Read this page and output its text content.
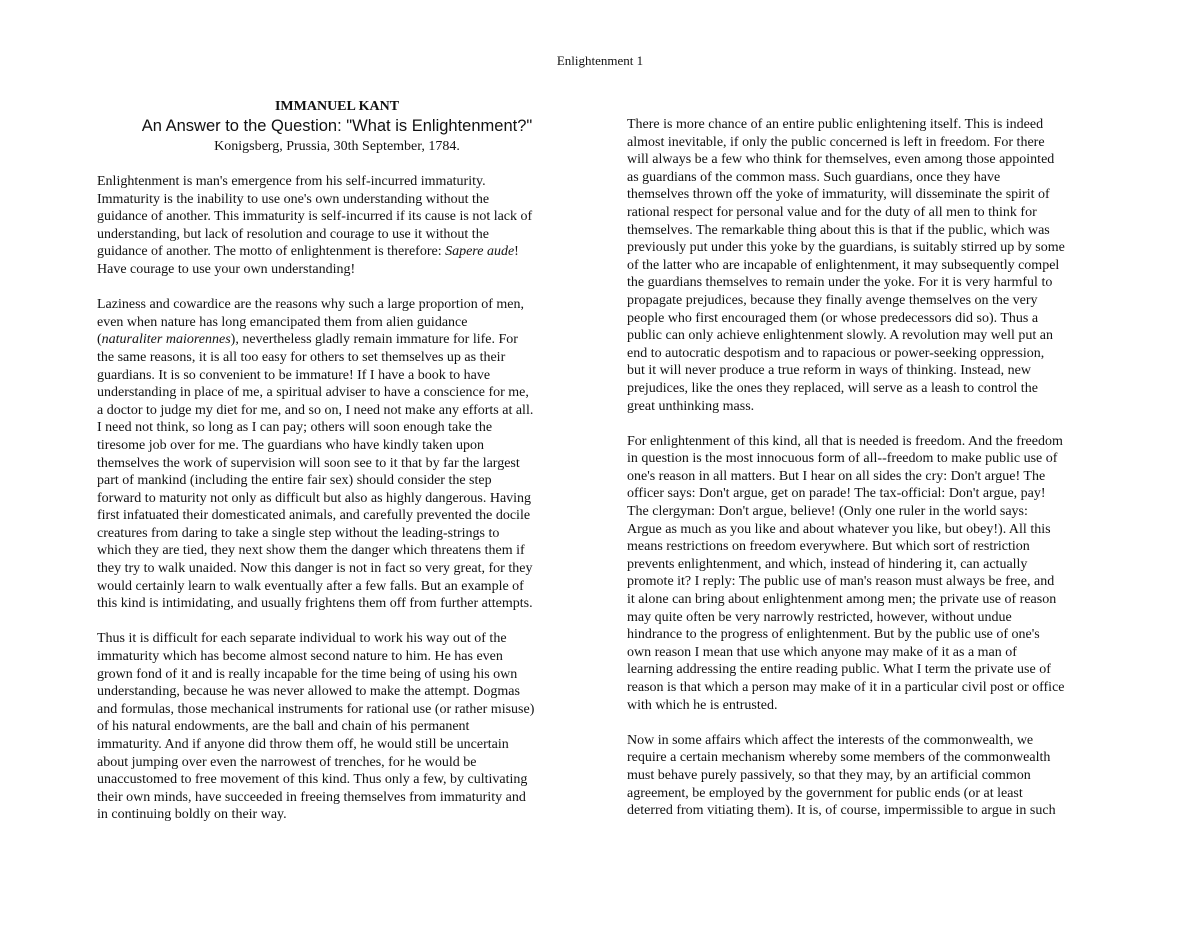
Enlightenment 1
IMMANUEL KANT
An Answer to the Question: "What is Enlightenment?"
Konigsberg, Prussia, 30th September, 1784.

Enlightenment is man's emergence from his self-incurred immaturity.
Immaturity is the inability to use one's own understanding without the
guidance of another. This immaturity is self-incurred if its cause is not lack of
understanding, but lack of resolution and courage to use it without the
guidance of another. The motto of enlightenment is therefore: Sapere aude!
Have courage to use your own understanding!

Laziness and cowardice are the reasons why such a large proportion of men,
even when nature has long emancipated them from alien guidance
(naturaliter maiorennes), nevertheless gladly remain immature for life. For
the same reasons, it is all too easy for others to set themselves up as their
guardians. It is so convenient to be immature! If I have a book to have
understanding in place of me, a spiritual adviser to have a conscience for me,
a doctor to judge my diet for me, and so on, I need not make any efforts at all.
I need not think, so long as I can pay; others will soon enough take the
tiresome job over for me. The guardians who have kindly taken upon
themselves the work of supervision will soon see to it that by far the largest
part of mankind (including the entire fair sex) should consider the step
forward to maturity not only as difficult but also as highly dangerous. Having
first infatuated their domesticated animals, and carefully prevented the docile
creatures from daring to take a single step without the leading-strings to
which they are tied, they next show them the danger which threatens them if
they try to walk unaided. Now this danger is not in fact so very great, for they
would certainly learn to walk eventually after a few falls. But an example of
this kind is intimidating, and usually frightens them off from further attempts.

Thus it is difficult for each separate individual to work his way out of the
immaturity which has become almost second nature to him. He has even
grown fond of it and is really incapable for the time being of using his own
understanding, because he was never allowed to make the attempt. Dogmas
and formulas, those mechanical instruments for rational use (or rather misuse)
of his natural endowments, are the ball and chain of his permanent
immaturity. And if anyone did throw them off, he would still be uncertain
about jumping over even the narrowest of trenches, for he would be
unaccustomed to free movement of this kind. Thus only a few, by cultivating
their own minds, have succeeded in freeing themselves from immaturity and
in continuing boldly on their way.

There is more chance of an entire public enlightening itself. This is indeed
almost inevitable, if only the public concerned is left in freedom. For there
will always be a few who think for themselves, even among those appointed
as guardians of the common mass. Such guardians, once they have
themselves thrown off the yoke of immaturity, will disseminate the spirit of
rational respect for personal value and for the duty of all men to think for
themselves. The remarkable thing about this is that if the public, which was
previously put under this yoke by the guardians, is suitably stirred up by some
of the latter who are incapable of enlightenment, it may subsequently compel
the guardians themselves to remain under the yoke. For it is very harmful to
propagate prejudices, because they finally avenge themselves on the very
people who first encouraged them (or whose predecessors did so). Thus a
public can only achieve enlightenment slowly. A revolution may well put an
end to autocratic despotism and to rapacious or power-seeking oppression,
but it will never produce a true reform in ways of thinking. Instead, new
prejudices, like the ones they replaced, will serve as a leash to control the
great unthinking mass.

For enlightenment of this kind, all that is needed is freedom. And the freedom
in question is the most innocuous form of all--freedom to make public use of
one's reason in all matters. But I hear on all sides the cry: Don't argue! The
officer says: Don't argue, get on parade! The tax-official: Don't argue, pay!
The clergyman: Don't argue, believe! (Only one ruler in the world says:
Argue as much as you like and about whatever you like, but obey!). All this
means restrictions on freedom everywhere. But which sort of restriction
prevents enlightenment, and which, instead of hindering it, can actually
promote it? I reply: The public use of man's reason must always be free, and
it alone can bring about enlightenment among men; the private use of reason
may quite often be very narrowly restricted, however, without undue
hindrance to the progress of enlightenment. But by the public use of one's
own reason I mean that use which anyone may make of it as a man of
learning addressing the entire reading public. What I term the private use of
reason is that which a person may make of it in a particular civil post or office
with which he is entrusted.

Now in some affairs which affect the interests of the commonwealth, we
require a certain mechanism whereby some members of the commonwealth
must behave purely passively, so that they may, by an artificial common
agreement, be employed by the government for public ends (or at least
deterred from vitiating them). It is, of course, impermissible to argue in such
